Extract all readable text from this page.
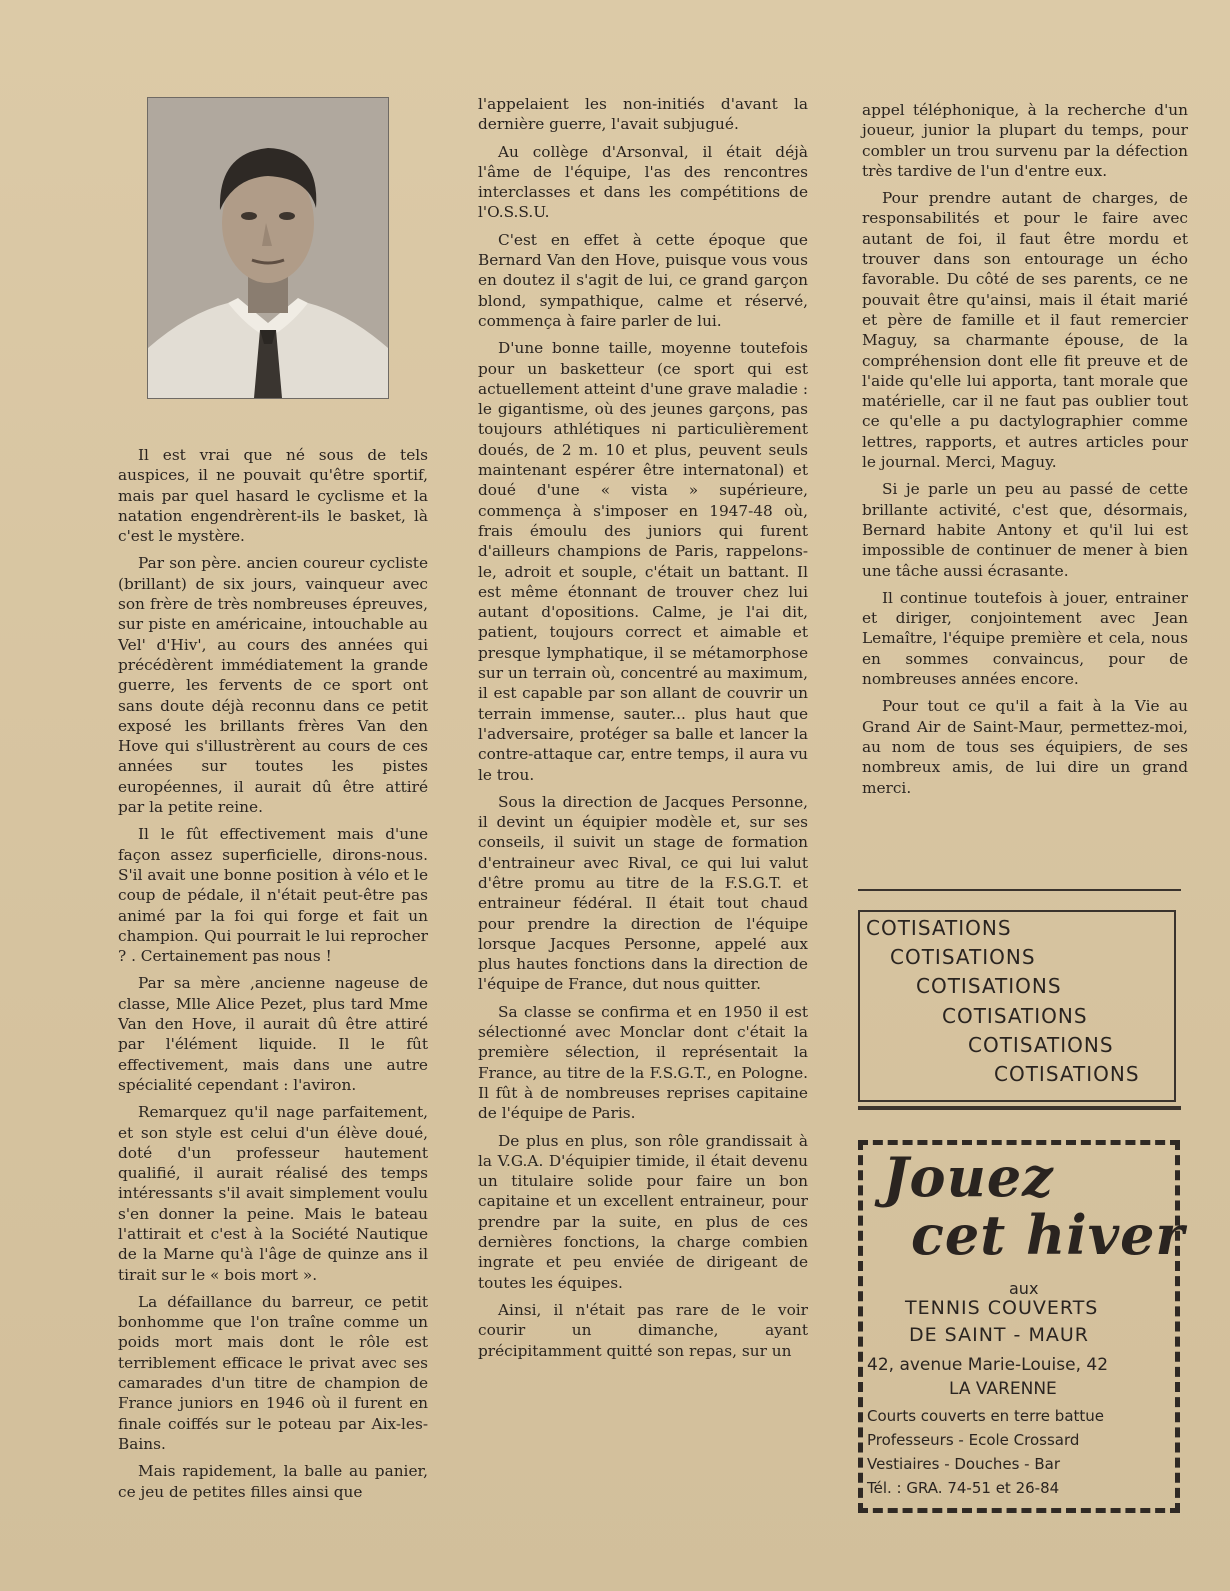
Il est vrai que né sous de tels auspices, il ne pouvait qu'être sportif, mais par quel hasard le cyclisme et la natation engendrèrent-ils le basket, là c'est le mystère.

Par son père. ancien coureur cycliste (brillant) de six jours, vainqueur avec son frère de très nombreuses épreuves, sur piste en américaine, intouchable au Vel' d'Hiv', au cours des années qui précédèrent immédiatement la grande guerre, les fervents de ce sport ont sans doute déjà reconnu dans ce petit exposé les brillants frères Van den Hove qui s'illustrèrent au cours de ces années sur toutes les pistes européennes, il aurait dû être attiré par la petite reine.

Il le fût effectivement mais d'une façon assez superficielle, dirons-nous. S'il avait une bonne position à vélo et le coup de pédale, il n'était peut-être pas animé par la foi qui forge et fait un champion. Qui pourrait le lui reprocher ? . Certainement pas nous !

Par sa mère ,ancienne nageuse de classe, Mlle Alice Pezet, plus tard Mme Van den Hove, il aurait dû être attiré par l'élément liquide. Il le fût effectivement, mais dans une autre spécialité cependant : l'aviron.

Remarquez qu'il nage parfaitement, et son style est celui d'un élève doué, doté d'un professeur hautement qualifié, il aurait réalisé des temps intéressants s'il avait simplement voulu s'en donner la peine. Mais le bateau l'attirait et c'est à la Société Nautique de la Marne qu'à l'âge de quinze ans il tirait sur le « bois mort ».

La défaillance du barreur, ce petit bonhomme que l'on traîne comme un poids mort mais dont le rôle est terriblement efficace le privat avec ses camarades d'un titre de champion de France juniors en 1946 où il furent en finale coiffés sur le poteau par Aix-les-Bains.

Mais rapidement, la balle au panier, ce jeu de petites filles ainsi que

l'appelaient les non-initiés d'avant la dernière guerre, l'avait subjugué.

Au collège d'Arsonval, il était déjà l'âme de l'équipe, l'as des rencontres interclasses et dans les compétitions de l'O.S.S.U.

C'est en effet à cette époque que Bernard Van den Hove, puisque vous vous en doutez il s'agit de lui, ce grand garçon blond, sympathique, calme et réservé, commença à faire parler de lui.

D'une bonne taille, moyenne toutefois pour un basketteur (ce sport qui est actuellement atteint d'une grave maladie : le gigantisme, où des jeunes garçons, pas toujours athlétiques ni particulièrement doués, de 2 m. 10 et plus, peuvent seuls maintenant espérer être internatonal) et doué d'une « vista » supérieure, commença à s'imposer en 1947-48 où, frais émoulu des juniors qui furent d'ailleurs champions de Paris, rappelons-le, adroit et souple, c'était un battant. Il est même étonnant de trouver chez lui autant d'opositions. Calme, je l'ai dit, patient, toujours correct et aimable et presque lymphatique, il se métamorphose sur un terrain où, concentré au maximum, il est capable par son allant de couvrir un terrain immense, sauter... plus haut que l'adversaire, protéger sa balle et lancer la contre-attaque car, entre temps, il aura vu le trou.

Sous la direction de Jacques Personne, il devint un équipier modèle et, sur ses conseils, il suivit un stage de formation d'entraineur avec Rival, ce qui lui valut d'être promu au titre de la F.S.G.T. et entraineur fédéral. Il était tout chaud pour prendre la direction de l'équipe lorsque Jacques Personne, appelé aux plus hautes fonctions dans la direction de l'équipe de France, dut nous quitter.

Sa classe se confirma et en 1950 il est sélectionné avec Monclar dont c'était la première sélection, il représentait la France, au titre de la F.S.G.T., en Pologne. Il fût à de nombreuses reprises capitaine de l'équipe de Paris.

De plus en plus, son rôle grandissait à la V.G.A. D'équipier timide, il était devenu un titulaire solide pour faire un bon capitaine et un excellent entraineur, pour prendre par la suite, en plus de ces dernières fonctions, la charge combien ingrate et peu enviée de dirigeant de toutes les équipes.

Ainsi, il n'était pas rare de le voir courir un dimanche, ayant précipitamment quitté son repas, sur un

appel téléphonique, à la recherche d'un joueur, junior la plupart du temps, pour combler un trou survenu par la défection très tardive de l'un d'entre eux.

Pour prendre autant de charges, de responsabilités et pour le faire avec autant de foi, il faut être mordu et trouver dans son entourage un écho favorable. Du côté de ses parents, ce ne pouvait être qu'ainsi, mais il était marié et père de famille et il faut remercier Maguy, sa charmante épouse, de la compréhension dont elle fit preuve et de l'aide qu'elle lui apporta, tant morale que matérielle, car il ne faut pas oublier tout ce qu'elle a pu dactylographier comme lettres, rapports, et autres articles pour le journal. Merci, Maguy.

Si je parle un peu au passé de cette brillante activité, c'est que, désormais, Bernard habite Antony et qu'il lui est impossible de continuer de mener à bien une tâche aussi écrasante.

Il continue toutefois à jouer, entrainer et diriger, conjointement avec Jean Lemaître, l'équipe première et cela, nous en sommes convaincus, pour de nombreuses années encore.

Pour tout ce qu'il a fait à la Vie au Grand Air de Saint-Maur, permettez-moi, au nom de tous ses équipiers, de ses nombreux amis, de lui dire un grand merci.

COTISATIONS
COTISATIONS
COTISATIONS
COTISATIONS
COTISATIONS
COTISATIONS
Jouez
cet hiver
aux
TENNIS COUVERTS
DE SAINT - MAUR
42, avenue Marie-Louise, 42
LA VARENNE
Courts couverts en terre battue
Professeurs - Ecole Crossard
Vestiaires - Douches - Bar
Tél. : GRA. 74-51 et 26-84
